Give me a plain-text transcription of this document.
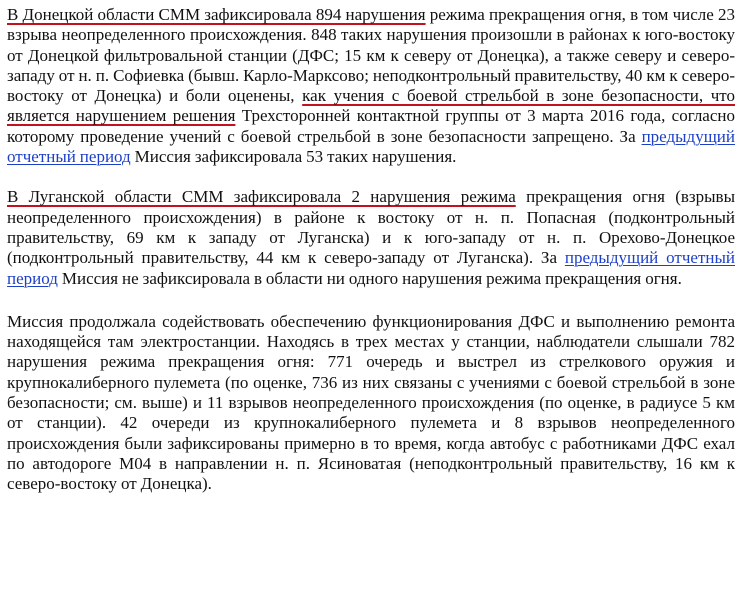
В Донецкой области СММ зафиксировала 894 нарушения режима прекращения огня, в том числе 23 взрыва неопределенного происхождения. 848 таких нарушения произошли в районах к юго-востоку от Донецкой фильтровальной станции (ДФС; 15 км к северу от Донецка), а также северу и северо-западу от н. п. Софиевка (бывш. Карло-Марксово; неподконтрольный правительству, 40 км к северо-востоку от Донецка) и боли оценены, как учения с боевой стрельбой в зоне безопасности, что является нарушением решения Трехсторонней контактной группы от 3 марта 2016 года, согласно которому проведение учений с боевой стрельбой в зоне безопасности запрещено. За предыдущий отчетный период Миссия зафиксировала 53 таких нарушения.

В Луганской области СММ зафиксировала 2 нарушения режима прекращения огня (взрывы неопределенного происхождения) в районе к востоку от н. п. Попасная (подконтрольный правительству, 69 км к западу от Луганска) и к юго-западу от н. п. Орехово-Донецкое (подконтрольный правительству, 44 км к северо-западу от Луганска). За предыдущий отчетный период Миссия не зафиксировала в области ни одного нарушения режима прекращения огня.

Миссия продолжала содействовать обеспечению функционирования ДФС и выполнению ремонта находящейся там электростанции. Находясь в трех местах у станции, наблюдатели слышали 782 нарушения режима прекращения огня: 771 очередь и выстрел из стрелкового оружия и крупнокалиберного пулемета (по оценке, 736 из них связаны с учениями с боевой стрельбой в зоне безопасности; см. выше) и 11 взрывов неопределенного происхождения (по оценке, в радиусе 5 км от станции). 42 очереди из крупнокалиберного пулемета и 8 взрывов неопределенного происхождения были зафиксированы примерно в то время, когда автобус с работниками ДФС ехал по автодороге М04 в направлении н. п. Ясиноватая (неподконтрольный правительству, 16 км к северо-востоку от Донецка).
